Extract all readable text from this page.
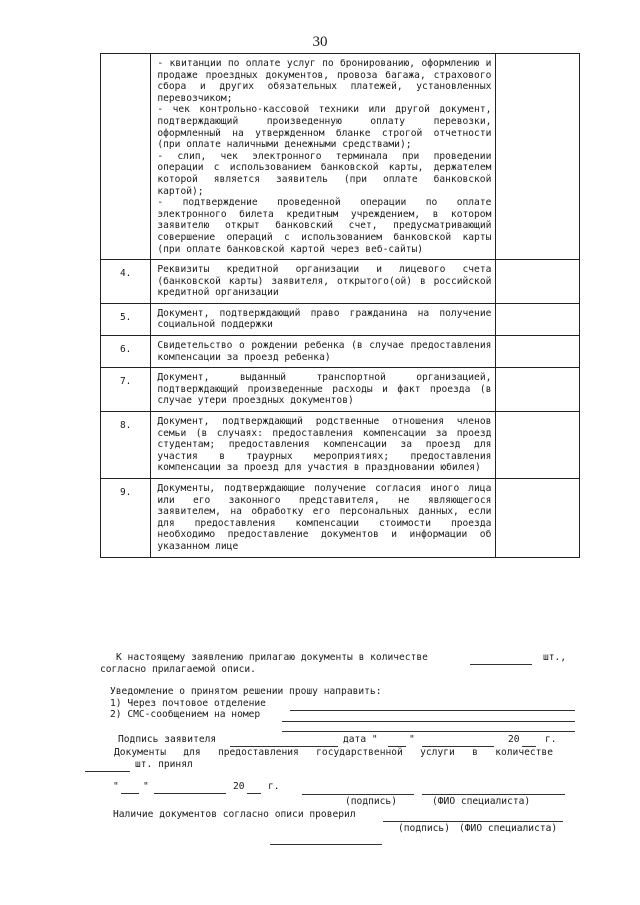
30

	- квитанции по оплате услуг по бронированию, оформлению и продаже проездных документов, провоза багажа, страхового сбора и других обязательных платежей, установленных перевозчиком;
- чек контрольно-кассовой техники или другой документ, подтверждающий произведенную оплату перевозки, оформленный на утвержденном бланке строгой отчетности (при оплате наличными денежными средствами);
- слип, чек электронного терминала при проведении операции с использованием банковской карты, держателем которой является заявитель (при оплате банковской картой);
- подтверждение проведенной операции по оплате электронного билета кредитным учреждением, в котором заявителю открыт банковский счет, предусматривающий совершение операций с использованием банковской карты (при оплате банковской картой через веб-сайты)	

4.	Реквизиты кредитной организации и лицевого счета (банковской карты) заявителя, открытого(ой) в российской кредитной организации	

5.	Документ, подтверждающий право гражданина на получение социальной поддержки	

6.	Свидетельство о рождении ребенка (в случае предоставления компенсации за проезд ребенка)	

7.	Документ, выданный транспортной организацией, подтверждающий произведенные расходы и факт проезда (в случае утери проездных документов)	

8.	Документ, подтверждающий родственные отношения членов семьи (в случаях: предоставления компенсации за проезд студентам; предоставления компенсации за проезд для участия в траурных мероприятиях; предоставления компенсации за проезд для участия в праздновании юбилея)	

9.	Документы, подтверждающие получение согласия иного лица или его законного представителя, не являющегося заявителем, на обработку его персональных данных, если для предоставления компенсации стоимости проезда необходимо предоставление документов и информации об указанном лице	

К настоящему заявлению прилагаю документы в количестве	шт.,
согласно прилагаемой описи.
Уведомление о принятом решении прошу направить:
1) Через почтовое отделение
2) СМС-сообщением на номер
Подпись заявителя	дата "	"	20	г.
Документы   для   предоставления   государственной   услуги   в   количестве
шт. принял
"	"	20 г.
(подпись)	(ФИО специалиста)
Наличие документов согласно описи проверил
(подпись) (ФИО специалиста)
